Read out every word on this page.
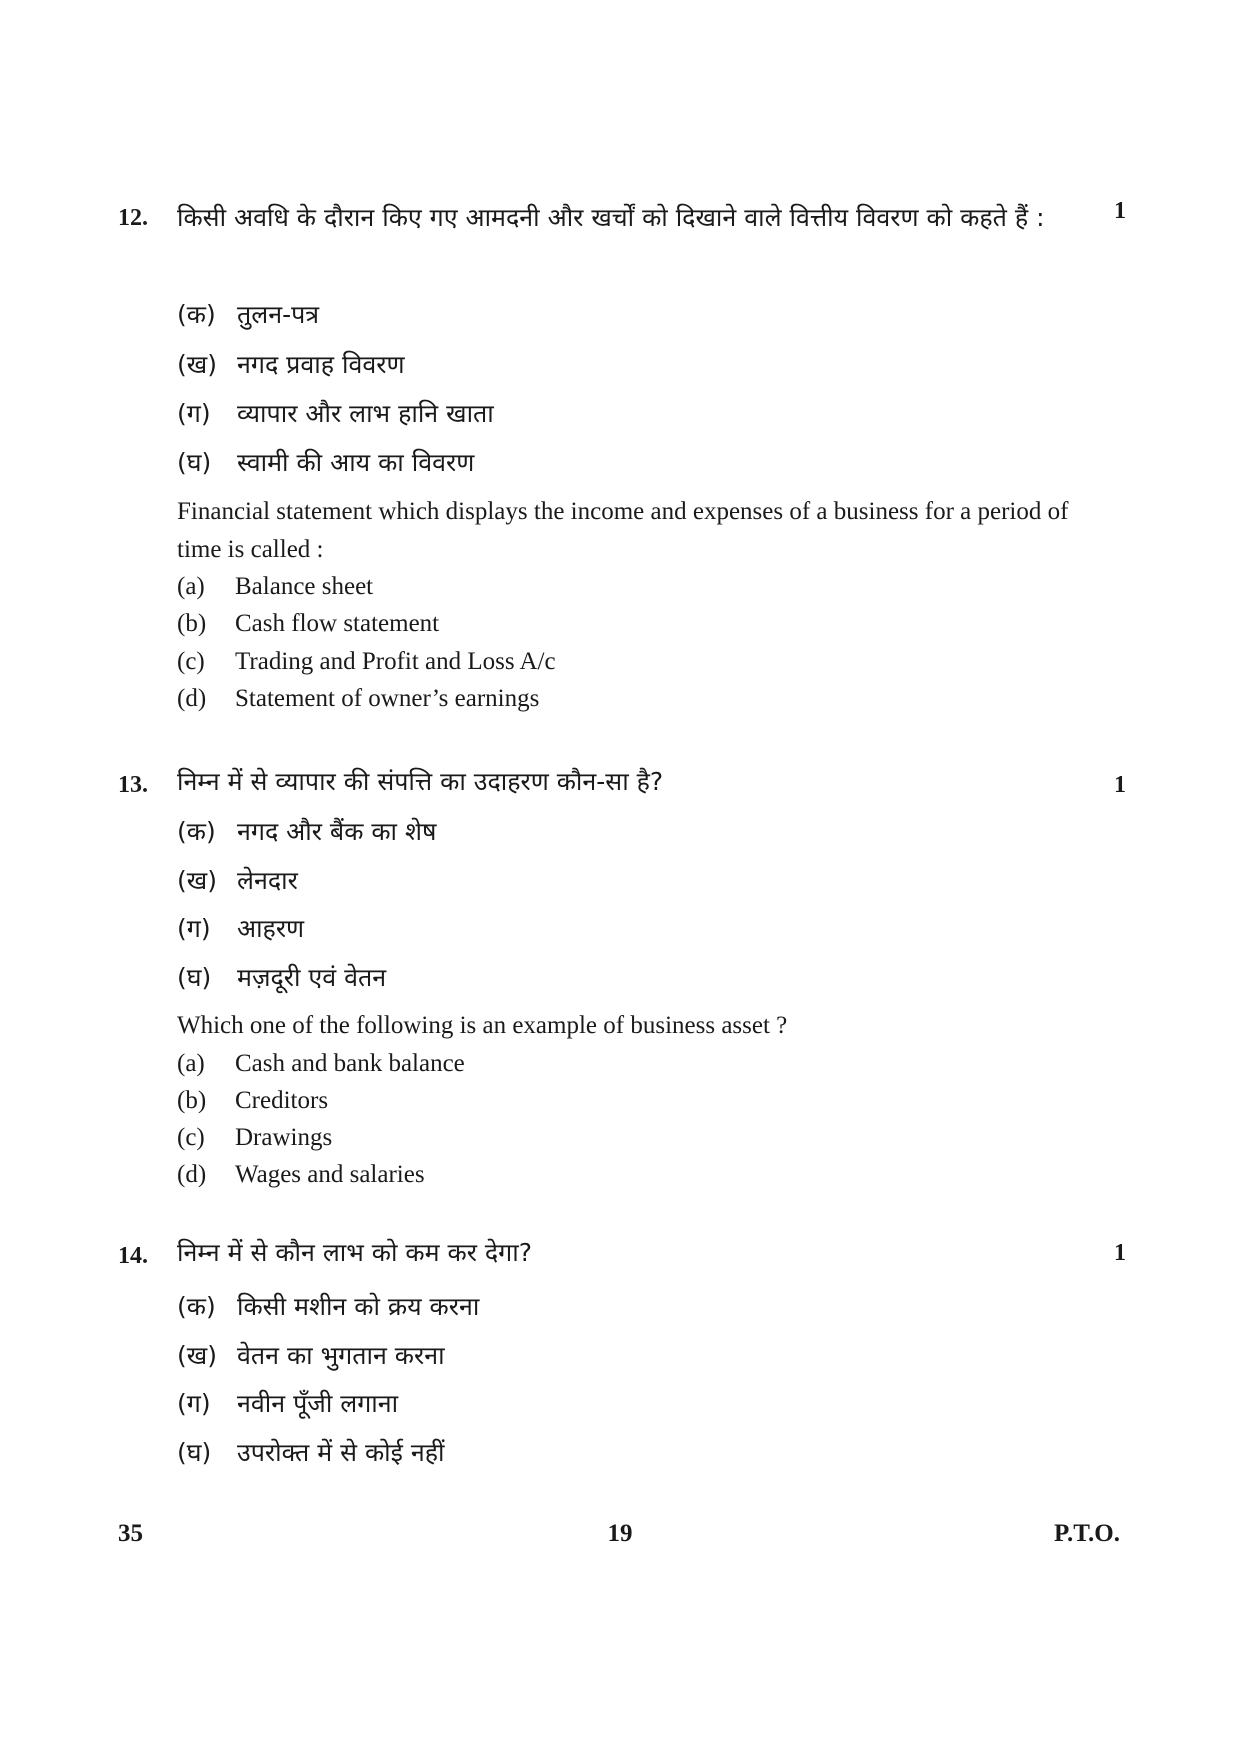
12.	1

किसी अवधि के दौरान किए गए आमदनी और खर्चों को दिखाने वाले वित्तीय विवरण को कहते हैं :

(क) तुलन-पत्र
(ख) नगद प्रवाह विवरण
(ग) व्यापार और लाभ हानि खाता
(घ) स्वामी की आय का विवरण

Financial statement which displays the income and expenses of a business for a period of time is called :

(a) Balance sheet
(b) Cash flow statement
(c) Trading and Profit and Loss A/c
(d) Statement of owner’s earnings
13.	1

निम्न में से व्यापार की संपत्ति का उदाहरण कौन-सा है?

(क) नगद और बैंक का शेष
(ख) लेनदार
(ग) आहरण
(घ) मज़दूरी एवं वेतन

Which one of the following is an example of business asset ?

(a) Cash and bank balance
(b) Creditors
(c) Drawings
(d) Wages and salaries
14.	1

निम्न में से कौन लाभ को कम कर देगा?

(क) किसी मशीन को क्रय करना
(ख) वेतन का भुगतान करना
(ग) नवीन पूँजी लगाना
(घ) उपरोक्त में से कोई नहीं
35	19	P.T.O.
